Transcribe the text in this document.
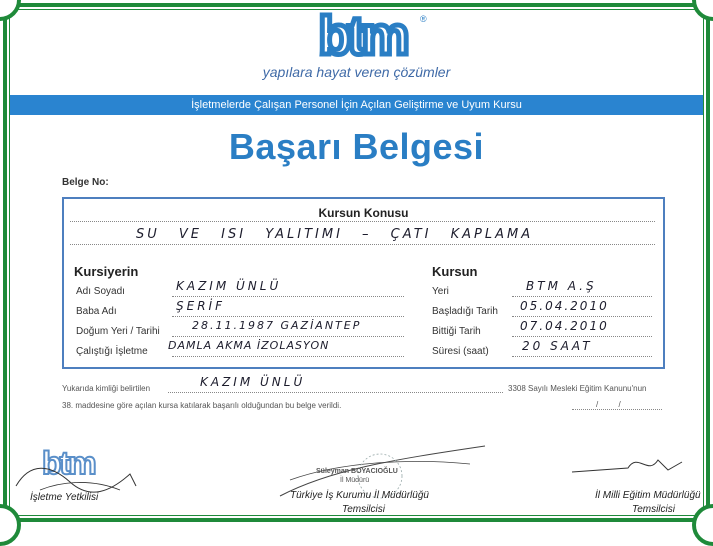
btm ®
yapılara hayat veren çözümler
İşletmelerde Çalışan Personel İçin Açılan Geliştirme ve Uyum Kursu
Başarı Belgesi
Belge No:
Kursun Konusu
SU VE ISI YALITIMI – ÇATI KAPLAMA
Kursiyerin	Kursun
Adı Soyadı	KAZIM ÜNLÜ
Baba Adı	ŞERİF
Doğum Yeri / Tarihi	28.11.1987 GAZİANTEP
Çalıştığı İşletme DAMLA AKMA İZOLASYON
Yeri	BTM A.Ş
Başladığı Tarih 05.04.2010
Bittiği Tarih	07.04.2010
Süresi (saat)	20 SAAT
Yukarıda kimliği belirtilen	KAZIM ÜNLÜ	3308 Sayılı Mesleki Eğitim Kanunu'nun
38. maddesine göre açılan kursa katılarak başarılı olduğundan bu belge verildi.	/ /
btm
İşletme Yetkilisi
Süleyman BOYACIOĞLU
İl Müdürü
Türkiye İş Kurumu İl Müdürlüğü
Temsilcisi
İl Milli Eğitim Müdürlüğü
Temsilcisi
